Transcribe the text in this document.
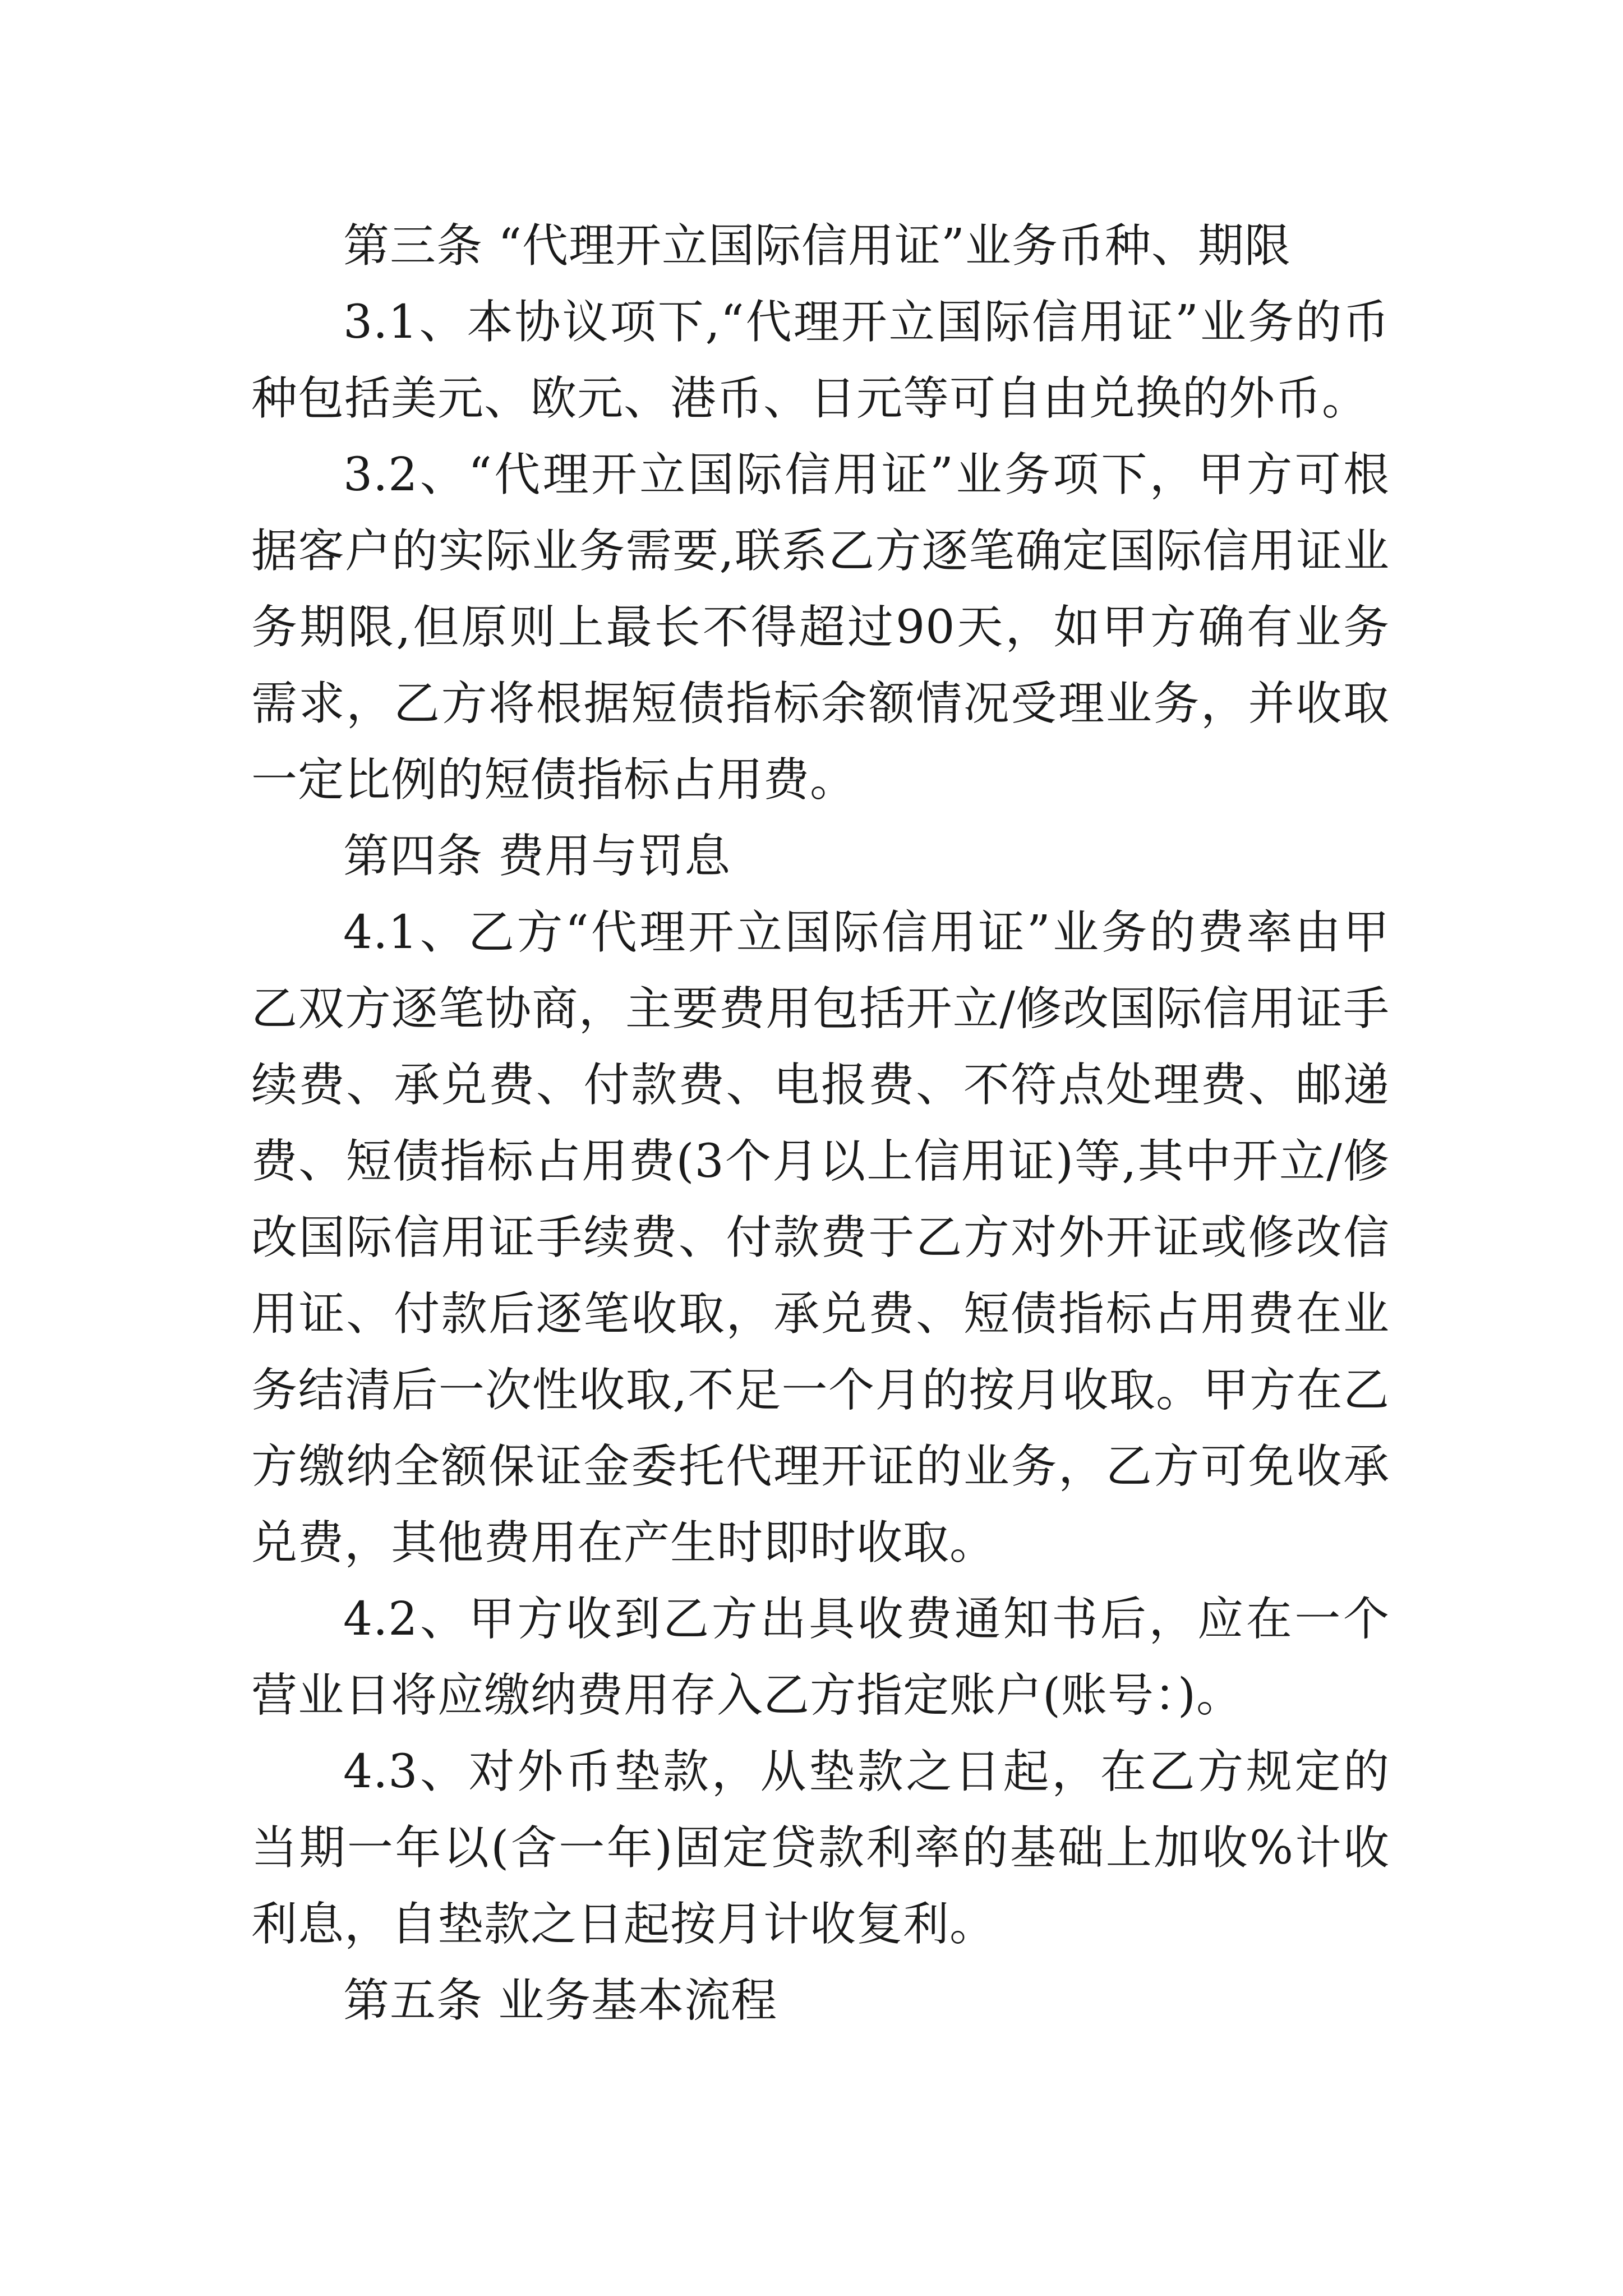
第三条 “代理开立国际信用证”业务币种、期限

3.1、本协议项下,“代理开立国际信用证”业务的币种包括美元、欧元、港币、日元等可自由兑换的外币。

3.2、“代理开立国际信用证”业务项下，甲方可根据客户的实际业务需要,联系乙方逐笔确定国际信用证业务期限,但原则上最长不得超过90天，如甲方确有业务需求，乙方将根据短债指标余额情况受理业务，并收取一定比例的短债指标占用费。

第四条 费用与罚息

4.1、乙方“代理开立国际信用证”业务的费率由甲乙双方逐笔协商，主要费用包括开立/修改国际信用证手续费、承兑费、付款费、电报费、不符点处理费、邮递费、短债指标占用费(3个月以上信用证)等,其中开立/修改国际信用证手续费、付款费于乙方对外开证或修改信用证、付款后逐笔收取，承兑费、短债指标占用费在业务结清后一次性收取,不足一个月的按月收取。甲方在乙方缴纳全额保证金委托代理开证的业务，乙方可免收承兑费，其他费用在产生时即时收取。

4.2、甲方收到乙方出具收费通知书后，应在一个营业日将应缴纳费用存入乙方指定账户(账号：)。

4.3、对外币垫款，从垫款之日起，在乙方规定的当期一年以(含一年)固定贷款利率的基础上加收%计收利息，自垫款之日起按月计收复利。

第五条 业务基本流程
